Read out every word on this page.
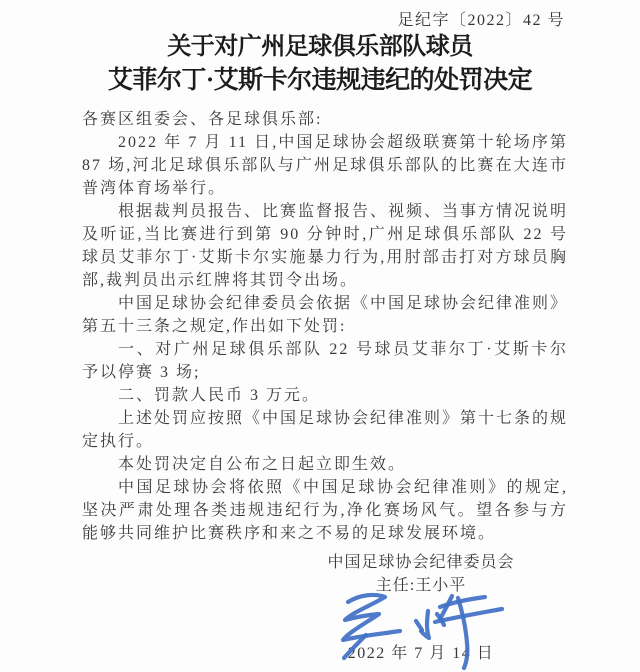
足纪字〔2022〕42 号
关于对广州足球俱乐部队球员
艾菲尔丁·艾斯卡尔违规违纪的处罚决定

各赛区组委会、各足球俱乐部:

2022 年 7 月 11 日,中国足球协会超级联赛第十轮场序第 87 场,河北足球俱乐部队与广州足球俱乐部队的比赛在大连市普湾体育场举行。

根据裁判员报告、比赛监督报告、视频、当事方情况说明及听证,当比赛进行到第 90 分钟时,广州足球俱乐部队 22 号球员艾菲尔丁·艾斯卡尔实施暴力行为,用肘部击打对方球员胸部,裁判员出示红牌将其罚令出场。

中国足球协会纪律委员会依据《中国足球协会纪律准则》第五十三条之规定,作出如下处罚:

一、对广州足球俱乐部队 22 号球员艾菲尔丁·艾斯卡尔予以停赛 3 场;

二、罚款人民币 3 万元。

上述处罚应按照《中国足球协会纪律准则》第十七条的规定执行。

本处罚决定自公布之日起立即生效。

中国足球协会将依照《中国足球协会纪律准则》的规定,坚决严肃处理各类违规违纪行为,净化赛场风气。望各参与方能够共同维护比赛秩序和来之不易的足球发展环境。

中国足球协会纪律委员会
主任:王小平
2022 年 7 月 14 日
